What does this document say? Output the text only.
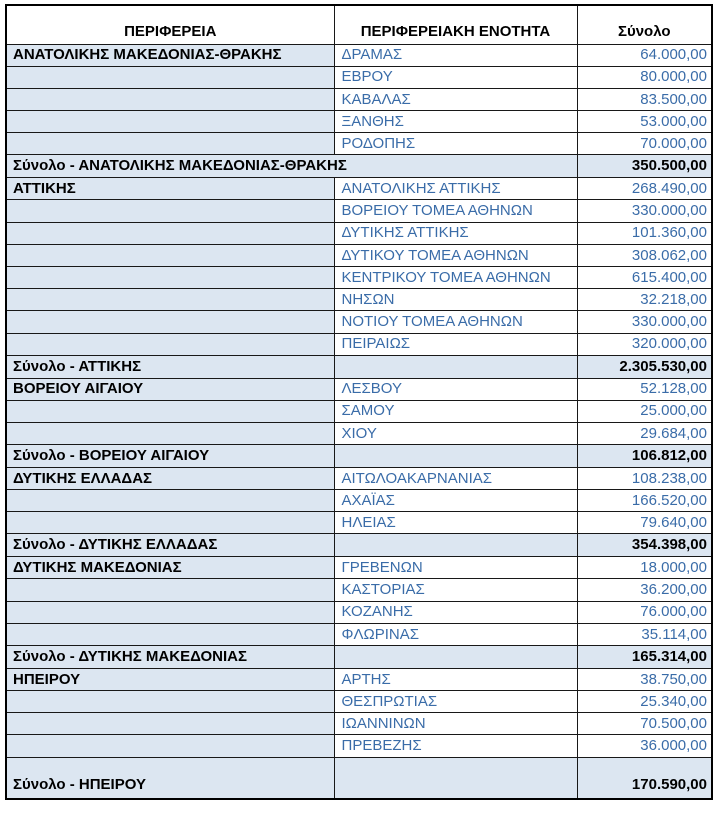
ΠΕΡΙΦΕΡΕΙΑ	ΠΕΡΙΦΕΡΕΙΑΚΗ ΕΝΟΤΗΤΑ	Σύνολο
ΑΝΑΤΟΛΙΚΗΣ ΜΑΚΕΔΟΝΙΑΣ-ΘΡΑΚΗΣ	ΔΡΑΜΑΣ	64.000,00
	ΕΒΡΟΥ	80.000,00
	ΚΑΒΑΛΑΣ	83.500,00
	ΞΑΝΘΗΣ	53.000,00
	ΡΟΔΟΠΗΣ	70.000,00
Σύνολο - ΑΝΑΤΟΛΙΚΗΣ ΜΑΚΕΔΟΝΙΑΣ-ΘΡΑΚΗΣ		350.500,00
ΑΤΤΙΚΗΣ	ΑΝΑΤΟΛΙΚΗΣ ΑΤΤΙΚΗΣ	268.490,00
	ΒΟΡΕΙΟΥ ΤΟΜΕΑ ΑΘΗΝΩΝ	330.000,00
	ΔΥΤΙΚΗΣ ΑΤΤΙΚΗΣ	101.360,00
	ΔΥΤΙΚΟΥ ΤΟΜΕΑ ΑΘΗΝΩΝ	308.062,00
	ΚΕΝΤΡΙΚΟΥ ΤΟΜΕΑ ΑΘΗΝΩΝ	615.400,00
	ΝΗΣΩΝ	32.218,00
	ΝΟΤΙΟΥ ΤΟΜΕΑ ΑΘΗΝΩΝ	330.000,00
	ΠΕΙΡΑΙΩΣ	320.000,00
Σύνολο - ΑΤΤΙΚΗΣ		2.305.530,00
ΒΟΡΕΙΟΥ ΑΙΓΑΙΟΥ	ΛΕΣΒΟΥ	52.128,00
	ΣΑΜΟΥ	25.000,00
	ΧΙΟΥ	29.684,00
Σύνολο - ΒΟΡΕΙΟΥ ΑΙΓΑΙΟΥ		106.812,00
ΔΥΤΙΚΗΣ ΕΛΛΑΔΑΣ	ΑΙΤΩΛΟΑΚΑΡΝΑΝΙΑΣ	108.238,00
	ΑΧΑΪΑΣ	166.520,00
	ΗΛΕΙΑΣ	79.640,00
Σύνολο - ΔΥΤΙΚΗΣ ΕΛΛΑΔΑΣ		354.398,00
ΔΥΤΙΚΗΣ ΜΑΚΕΔΟΝΙΑΣ	ΓΡΕΒΕΝΩΝ	18.000,00
	ΚΑΣΤΟΡΙΑΣ	36.200,00
	ΚΟΖΑΝΗΣ	76.000,00
	ΦΛΩΡΙΝΑΣ	35.114,00
Σύνολο - ΔΥΤΙΚΗΣ ΜΑΚΕΔΟΝΙΑΣ		165.314,00
ΗΠΕΙΡΟΥ	ΑΡΤΗΣ	38.750,00
	ΘΕΣΠΡΩΤΙΑΣ	25.340,00
	ΙΩΑΝΝΙΝΩΝ	70.500,00
	ΠΡΕΒΕΖΗΣ	36.000,00
Σύνολο - ΗΠΕΙΡΟΥ		170.590,00
